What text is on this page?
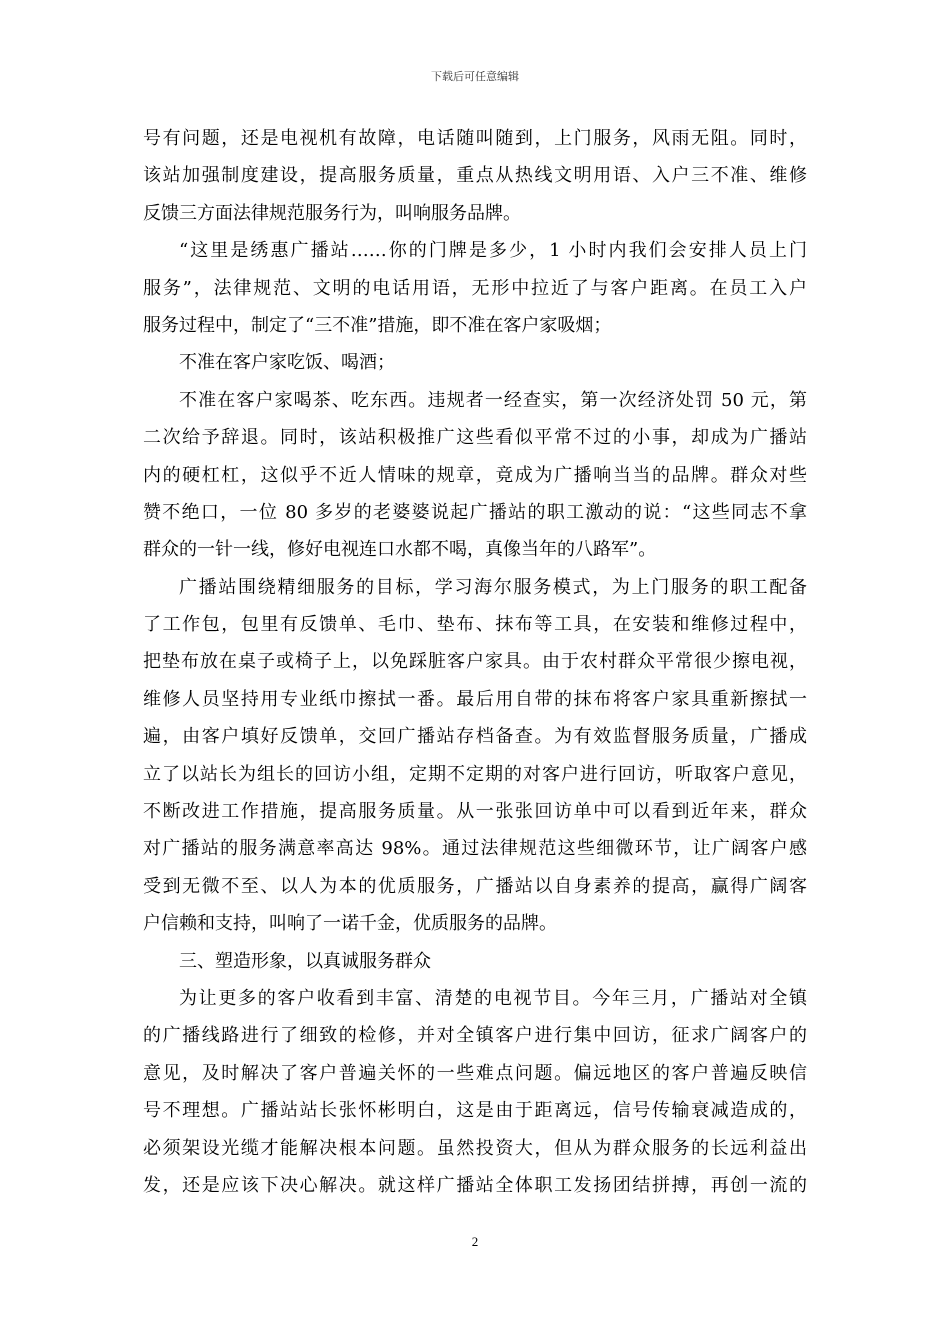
下载后可任意编辑
号有问题，还是电视机有故障，电话随叫随到，上门服务，风雨无阻。同时，
该站加强制度建设，提高服务质量，重点从热线文明用语、入户三不准、维修
反馈三方面法律规范服务行为，叫响服务品牌。
“这里是绣惠广播站……你的门牌是多少，1 小时内我们会安排人员上门
服务”，法律规范、文明的电话用语，无形中拉近了与客户距离。在员工入户
服务过程中，制定了“三不准”措施，即不准在客户家吸烟；
不准在客户家吃饭、喝酒；
不准在客户家喝茶、吃东西。违规者一经查实，第一次经济处罚 50 元，第
二次给予辞退。同时，该站积极推广这些看似平常不过的小事，却成为广播站
内的硬杠杠，这似乎不近人情味的规章，竟成为广播响当当的品牌。群众对些
赞不绝口，一位 80 多岁的老婆婆说起广播站的职工激动的说：“这些同志不拿
群众的一针一线，修好电视连口水都不喝，真像当年的八路军”。
广播站围绕精细服务的目标，学习海尔服务模式，为上门服务的职工配备
了工作包，包里有反馈单、毛巾、垫布、抹布等工具，在安装和维修过程中，
把垫布放在桌子或椅子上，以免踩脏客户家具。由于农村群众平常很少擦电视，
维修人员坚持用专业纸巾擦拭一番。最后用自带的抹布将客户家具重新擦拭一
遍，由客户填好反馈单，交回广播站存档备查。为有效监督服务质量，广播成
立了以站长为组长的回访小组，定期不定期的对客户进行回访，听取客户意见，
不断改进工作措施，提高服务质量。从一张张回访单中可以看到近年来，群众
对广播站的服务满意率高达 98%。通过法律规范这些细微环节，让广阔客户感
受到无微不至、以人为本的优质服务，广播站以自身素养的提高，赢得广阔客
户信赖和支持，叫响了一诺千金，优质服务的品牌。
三、塑造形象，以真诚服务群众
为让更多的客户收看到丰富、清楚的电视节目。今年三月，广播站对全镇
的广播线路进行了细致的检修，并对全镇客户进行集中回访，征求广阔客户的
意见，及时解决了客户普遍关怀的一些难点问题。偏远地区的客户普遍反映信
号不理想。广播站站长张怀彬明白，这是由于距离远，信号传输衰减造成的，
必须架设光缆才能解决根本问题。虽然投资大，但从为群众服务的长远利益出
发，还是应该下决心解决。就这样广播站全体职工发扬团结拼搏，再创一流的
2
